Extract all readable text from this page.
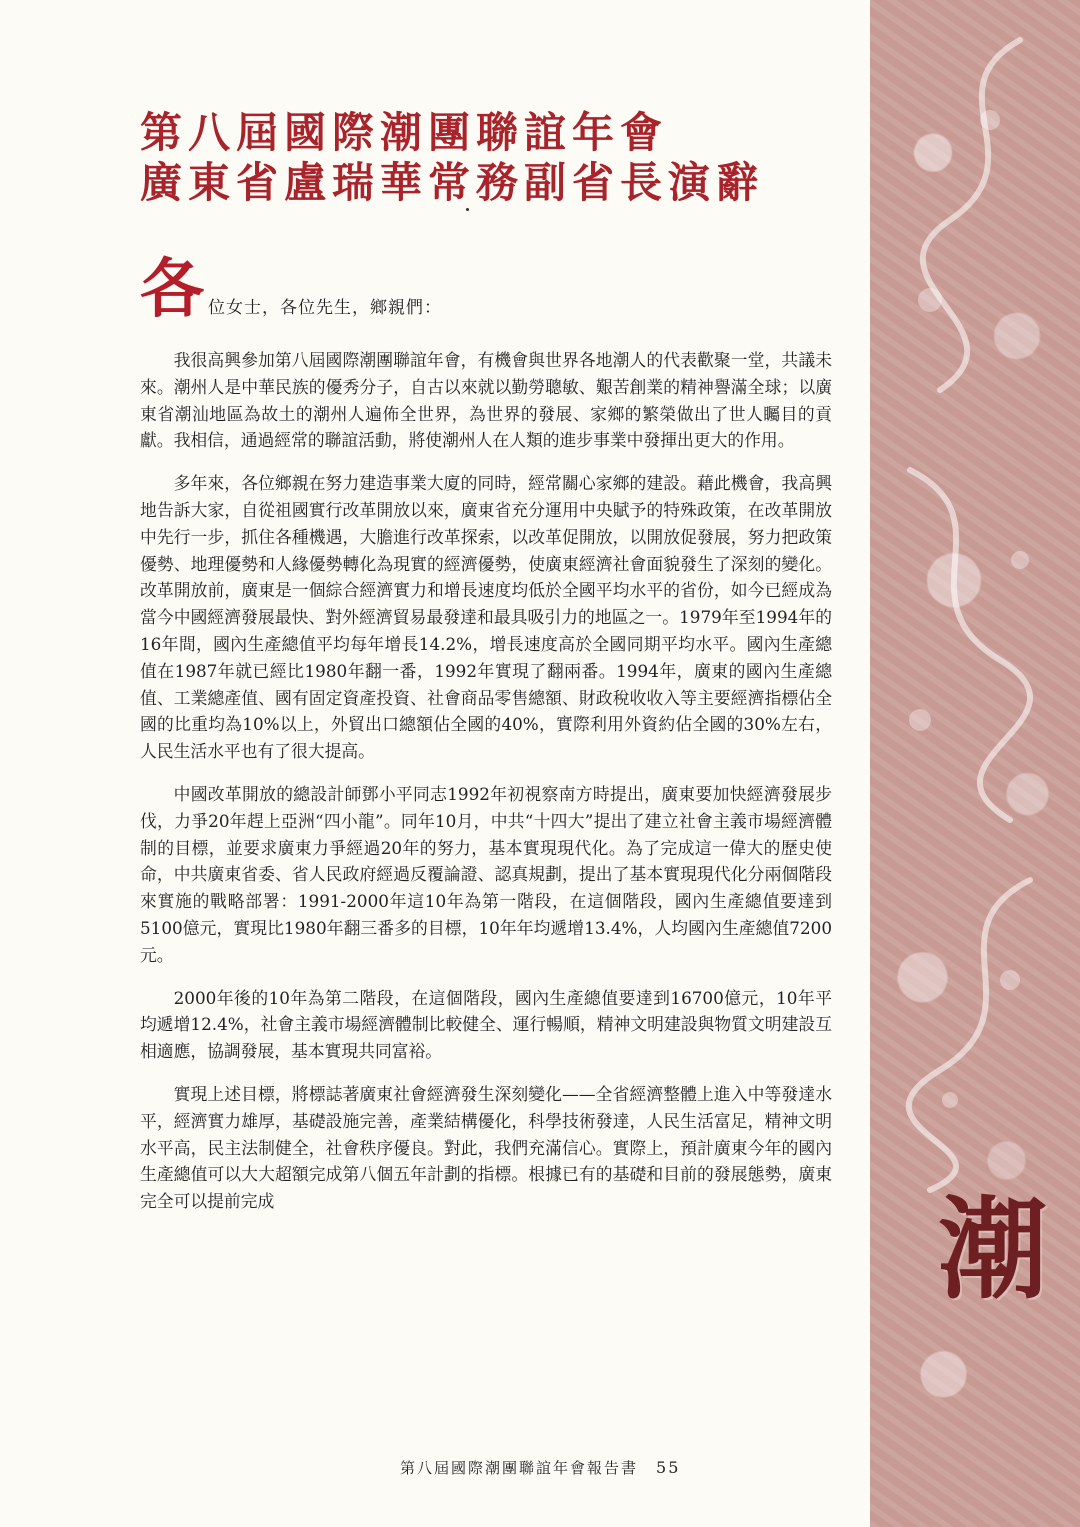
第八屆國際潮團聯誼年會
廣東省盧瑞華常務副省長演辭
各 位女士，各位先生，鄉親們：

我很高興參加第八屆國際潮團聯誼年會，有機會與世界各地潮人的代表歡聚一堂，共議未來。潮州人是中華民族的優秀分子，自古以來就以勤勞聰敏、艱苦創業的精神譽滿全球；以廣東省潮汕地區為故土的潮州人遍佈全世界，為世界的發展、家鄉的繁榮做出了世人矚目的貢獻。我相信，通過經常的聯誼活動，將使潮州人在人類的進步事業中發揮出更大的作用。

多年來，各位鄉親在努力建造事業大廈的同時，經常關心家鄉的建設。藉此機會，我高興地告訴大家，自從祖國實行改革開放以來，廣東省充分運用中央賦予的特殊政策，在改革開放中先行一步，抓住各種機遇，大膽進行改革探索，以改革促開放，以開放促發展，努力把政策優勢、地理優勢和人緣優勢轉化為現實的經濟優勢，使廣東經濟社會面貌發生了深刻的變化。改革開放前，廣東是一個綜合經濟實力和增長速度均低於全國平均水平的省份，如今已經成為當今中國經濟發展最快、對外經濟貿易最發達和最具吸引力的地區之一。1979年至1994年的16年間，國內生產總值平均每年增長14.2%，增長速度高於全國同期平均水平。國內生產總值在1987年就已經比1980年翻一番，1992年實現了翻兩番。1994年，廣東的國內生產總值、工業總產值、國有固定資產投資、社會商品零售總額、財政稅收收入等主要經濟指標佔全國的比重均為10%以上，外貿出口總額佔全國的40%，實際利用外資約佔全國的30%左右，人民生活水平也有了很大提高。

中國改革開放的總設計師鄧小平同志1992年初視察南方時提出，廣東要加快經濟發展步伐，力爭20年趕上亞洲“四小龍”。同年10月，中共“十四大”提出了建立社會主義市場經濟體制的目標，並要求廣東力爭經過20年的努力，基本實現現代化。為了完成這一偉大的歷史使命，中共廣東省委、省人民政府經過反覆論證、認真規劃，提出了基本實現現代化分兩個階段來實施的戰略部署：1991-2000年這10年為第一階段，在這個階段，國內生產總值要達到5100億元，實現比1980年翻三番多的目標，10年年均遞增13.4%，人均國內生產總值7200元。

2000年後的10年為第二階段，在這個階段，國內生產總值要達到16700億元，10年平均遞增12.4%，社會主義市場經濟體制比較健全、運行暢順，精神文明建設與物質文明建設互相適應，協調發展，基本實現共同富裕。

實現上述目標，將標誌著廣東社會經濟發生深刻變化——全省經濟整體上進入中等發達水平，經濟實力雄厚，基礎設施完善，產業結構優化，科學技術發達，人民生活富足，精神文明水平高，民主法制健全，社會秩序優良。對此，我們充滿信心。實際上，預計廣東今年的國內生產總值可以大大超額完成第八個五年計劃的指標。根據已有的基礎和目前的發展態勢，廣東完全可以提前完成

第八屆國際潮團聯誼年會報告書 55
潮
